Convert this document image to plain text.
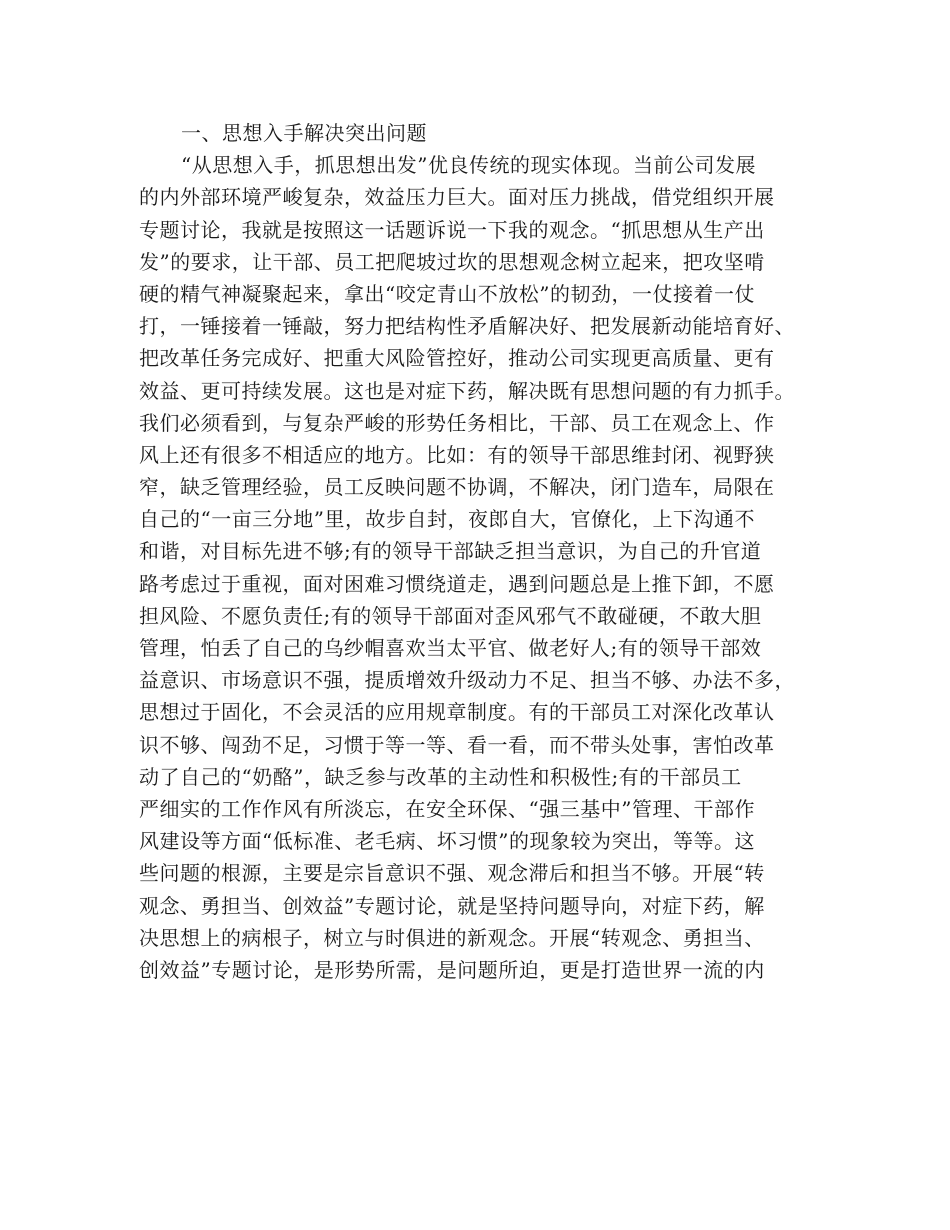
一、思想入手解决突出问题
“从思想入手，抓思想出发”优良传统的现实体现。当前公司发展
的内外部环境严峻复杂，效益压力巨大。面对压力挑战，借党组织开展
专题讨论，我就是按照这一话题诉说一下我的观念。“抓思想从生产出
发”的要求，让干部、员工把爬坡过坎的思想观念树立起来，把攻坚啃
硬的精气神凝聚起来，拿出“咬定青山不放松”的韧劲，一仗接着一仗
打，一锤接着一锤敲，努力把结构性矛盾解决好、把发展新动能培育好、
把改革任务完成好、把重大风险管控好，推动公司实现更高质量、更有
效益、更可持续发展。这也是对症下药，解决既有思想问题的有力抓手。
我们必须看到，与复杂严峻的形势任务相比，干部、员工在观念上、作
风上还有很多不相适应的地方。比如：有的领导干部思维封闭、视野狭
窄，缺乏管理经验，员工反映问题不协调，不解决，闭门造车，局限在
自己的“一亩三分地”里，故步自封，夜郎自大，官僚化，上下沟通不
和谐，对目标先进不够;有的领导干部缺乏担当意识，为自己的升官道
路考虑过于重视，面对困难习惯绕道走，遇到问题总是上推下卸，不愿
担风险、不愿负责任;有的领导干部面对歪风邪气不敢碰硬，不敢大胆
管理，怕丢了自己的乌纱帽喜欢当太平官、做老好人;有的领导干部效
益意识、市场意识不强，提质增效升级动力不足、担当不够、办法不多，
思想过于固化，不会灵活的应用规章制度。有的干部员工对深化改革认
识不够、闯劲不足，习惯于等一等、看一看，而不带头处事，害怕改革
动了自己的“奶酪”，缺乏参与改革的主动性和积极性;有的干部员工
严细实的工作作风有所淡忘，在安全环保、“强三基中”管理、干部作
风建设等方面“低标准、老毛病、坏习惯”的现象较为突出，等等。这
些问题的根源，主要是宗旨意识不强、观念滞后和担当不够。开展“转
观念、勇担当、创效益”专题讨论，就是坚持问题导向，对症下药，解
决思想上的病根子，树立与时俱进的新观念。开展“转观念、勇担当、
创效益”专题讨论，是形势所需，是问题所迫，更是打造世界一流的内
